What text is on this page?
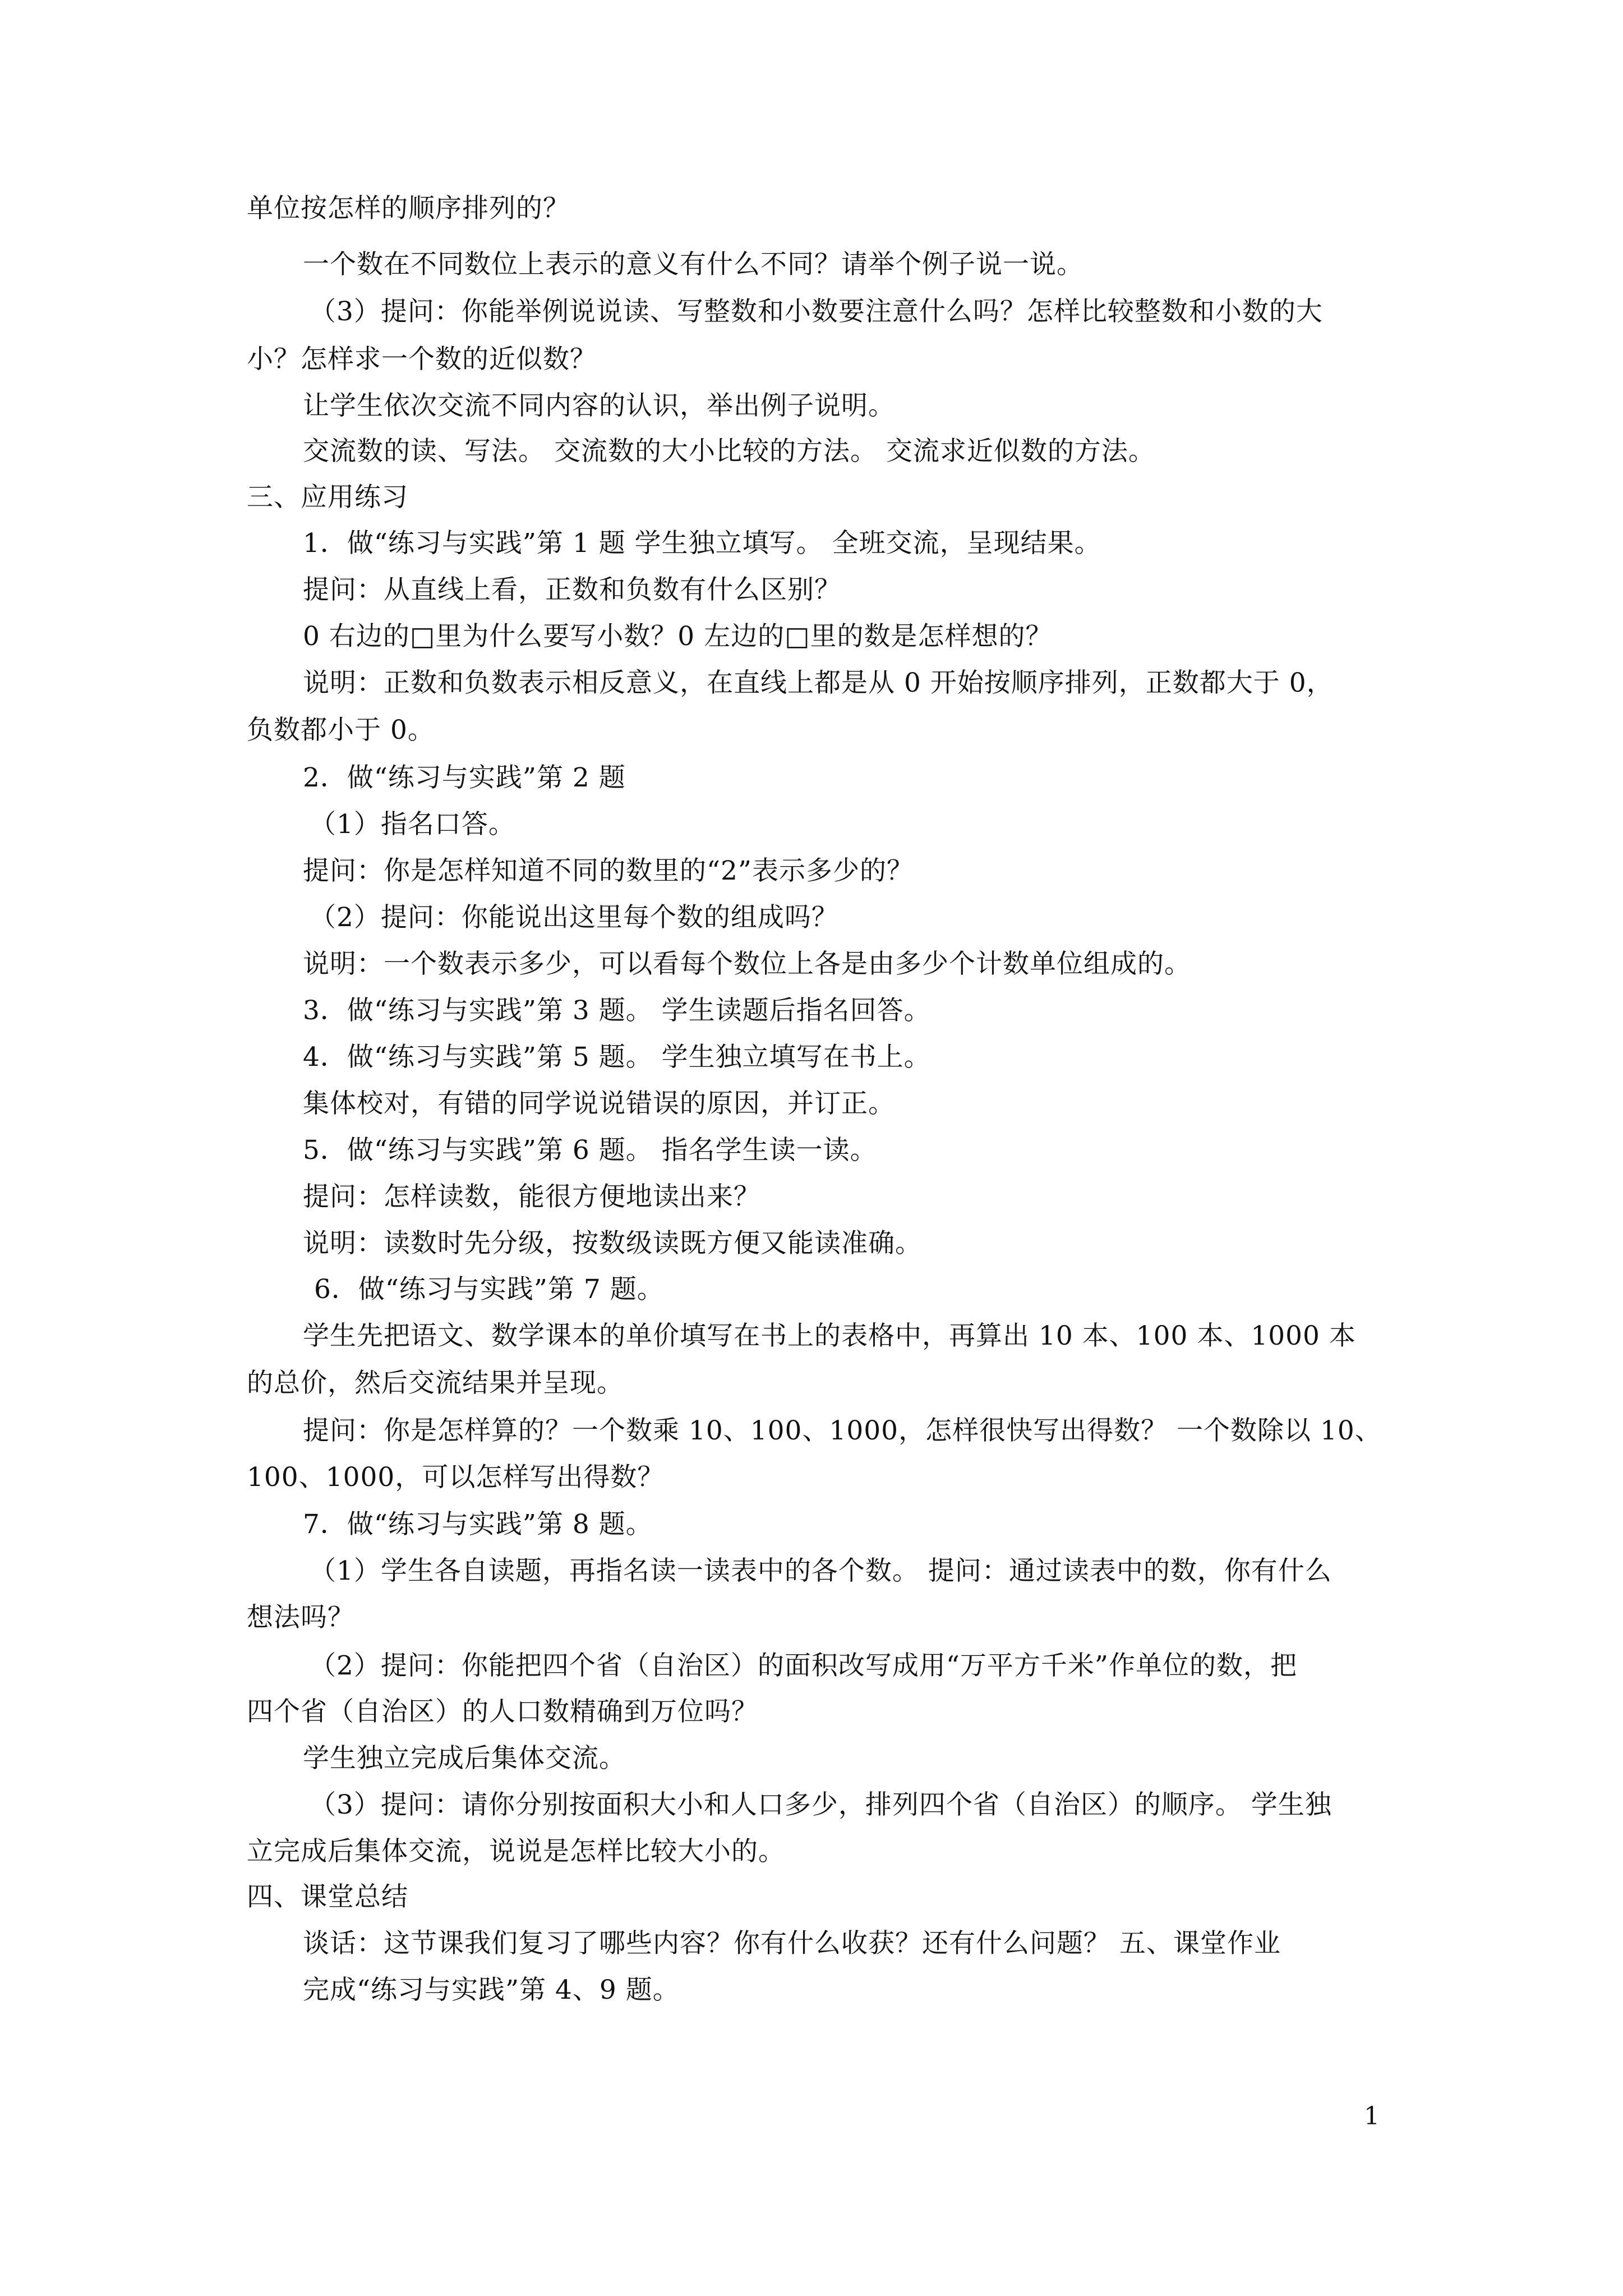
单位按怎样的顺序排列的？
一个数在不同数位上表示的意义有什么不同？请举个例子说一说。
（3）提问：你能举例说说读、写整数和小数要注意什么吗？怎样比较整数和小数的大
小？怎样求一个数的近似数？
让学生依次交流不同内容的认识，举出例子说明。
交流数的读、写法。 交流数的大小比较的方法。 交流求近似数的方法。
三、应用练习
1．做“练习与实践”第 1 题 学生独立填写。 全班交流，呈现结果。
提问：从直线上看，正数和负数有什么区别？
0 右边的□里为什么要写小数？0 左边的□里的数是怎样想的？
说明：正数和负数表示相反意义，在直线上都是从 0 开始按顺序排列，正数都大于 0，
负数都小于 0。
2．做“练习与实践”第 2 题
（1）指名口答。
提问：你是怎样知道不同的数里的“2”表示多少的？
（2）提问：你能说出这里每个数的组成吗？
说明：一个数表示多少，可以看每个数位上各是由多少个计数单位组成的。
3．做“练习与实践”第 3 题。 学生读题后指名回答。
4．做“练习与实践”第 5 题。 学生独立填写在书上。
集体校对，有错的同学说说错误的原因，并订正。
5．做“练习与实践”第 6 题。 指名学生读一读。
提问：怎样读数，能很方便地读出来？
说明：读数时先分级，按数级读既方便又能读准确。
6．做“练习与实践”第 7 题。
学生先把语文、数学课本的单价填写在书上的表格中，再算出 10 本、100 本、1000 本
的总价，然后交流结果并呈现。
提问：你是怎样算的？一个数乘 10、100、1000，怎样很快写出得数？ 一个数除以 10、
100、1000，可以怎样写出得数？
7．做“练习与实践”第 8 题。
（1）学生各自读题，再指名读一读表中的各个数。 提问：通过读表中的数，你有什么
想法吗？
（2）提问：你能把四个省（自治区）的面积改写成用“万平方千米”作单位的数，把
四个省（自治区）的人口数精确到万位吗？
学生独立完成后集体交流。
（3）提问：请你分别按面积大小和人口多少，排列四个省（自治区）的顺序。 学生独
立完成后集体交流，说说是怎样比较大小的。
四、课堂总结
谈话：这节课我们复习了哪些内容？你有什么收获？还有什么问题？ 五、课堂作业
完成“练习与实践”第 4、9 题。
1
